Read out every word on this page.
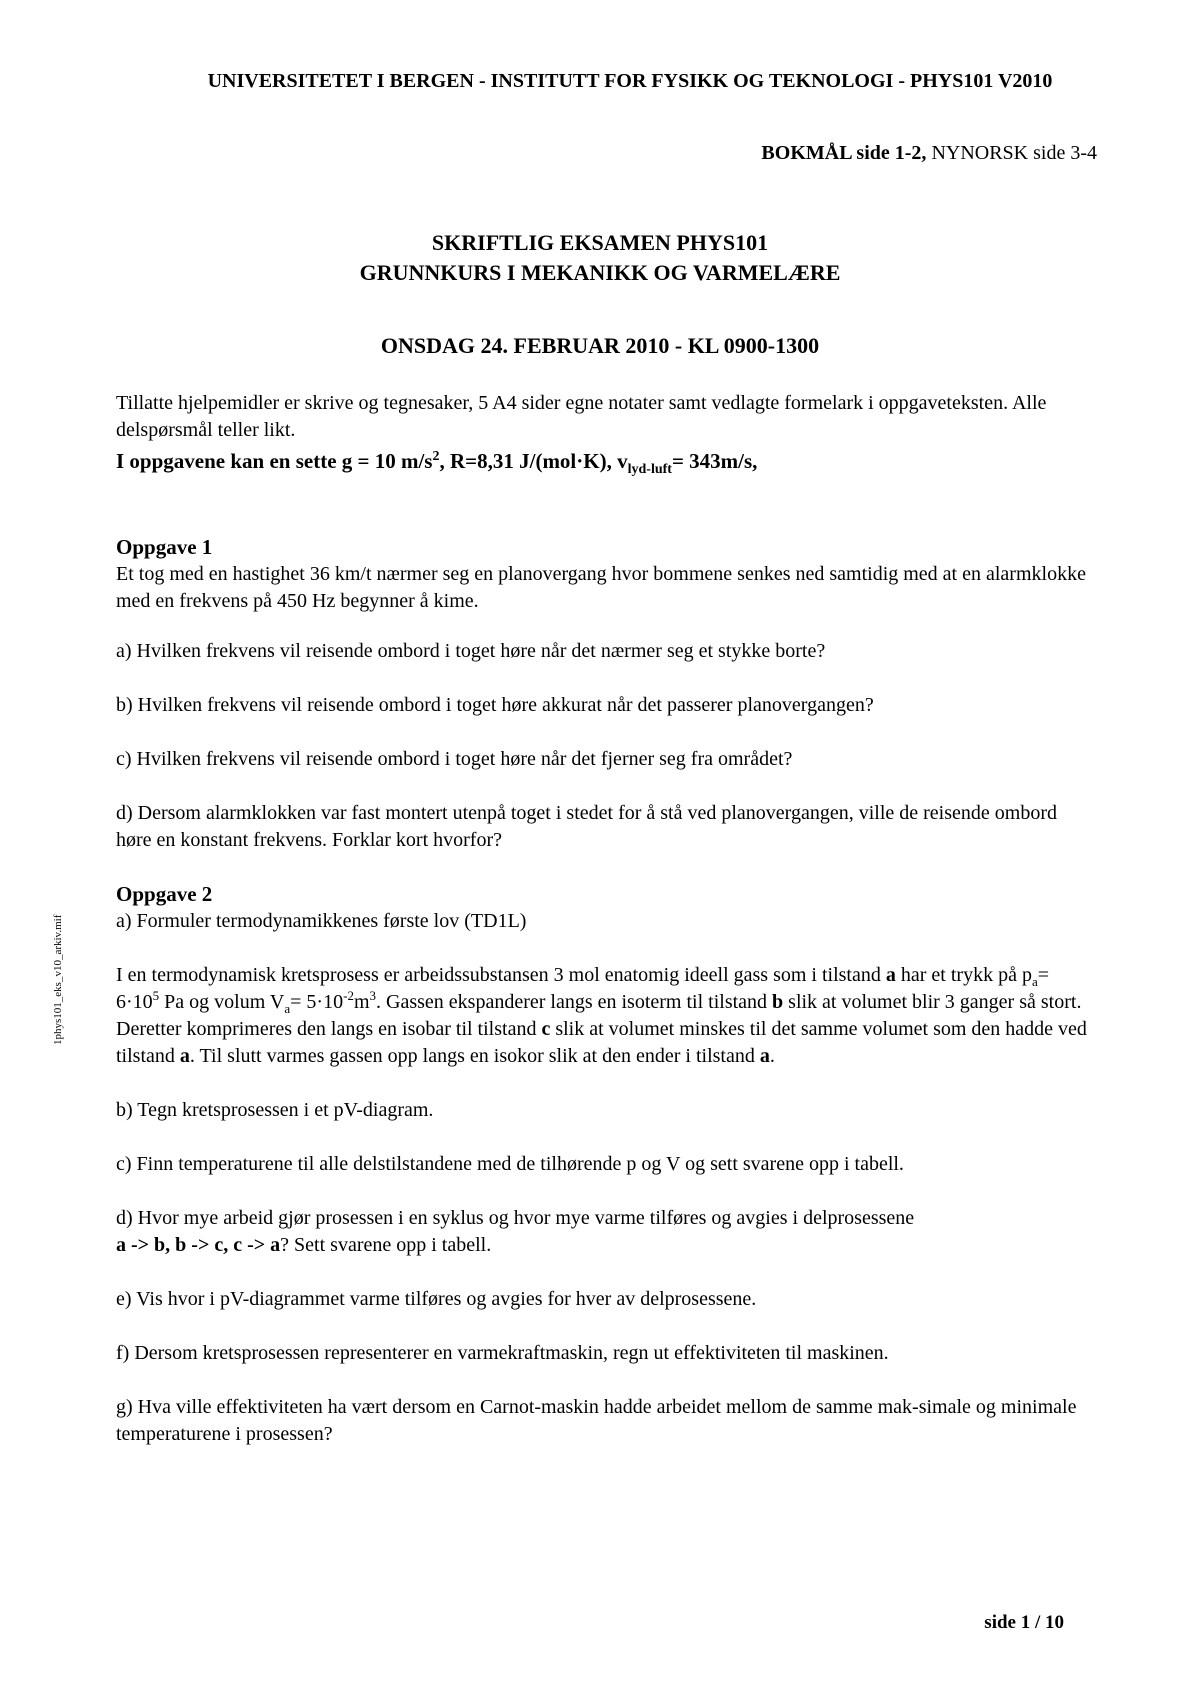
UNIVERSITETET I BERGEN - INSTITUTT FOR FYSIKK OG TEKNOLOGI - PHYS101 V2010
BOKMÅL side 1-2, NYNORSK side 3-4
SKRIFTLIG EKSAMEN PHYS101
GRUNNKURS I MEKANIKK OG VARMELÆRE
ONSDAG 24. FEBRUAR 2010 - KL 0900-1300

Tillatte hjelpemidler er skrive og tegnesaker, 5 A4 sider egne notater samt vedlagte formelark i oppgaveteksten. Alle delspørsmål teller likt.

I oppgavene kan en sette g = 10 $m/s^2$, R=8,31 J/(mol·K), $v_{lyd-luft}= 343m/s$,

Oppgave 1

Et tog med en hastighet 36 km/t nærmer seg en planovergang hvor bommene senkes ned samtidig med at en alarmklokke med en frekvens på 450 Hz begynner å kime.

a) Hvilken frekvens vil reisende ombord i toget høre når det nærmer seg et stykke borte?

b) Hvilken frekvens vil reisende ombord i toget høre akkurat når det passerer planovergangen?

c) Hvilken frekvens vil reisende ombord i toget høre når det fjerner seg fra området?

d) Dersom alarmklokken var fast montert utenpå toget i stedet for å stå ved planovergangen, ville de reisende ombord høre en konstant frekvens. Forklar kort hvorfor?

Oppgave 2

a) Formuler termodynamikkenes første lov (TD1L)

I en termodynamisk kretsprosess er arbeidssubstansen 3 mol enatomig ideell gass som i tilstand a har et trykk på $p_a= 6\cdot 10^5$ Pa og volum $V_a= 5\cdot 10^{-2}m^3$. Gassen ekspanderer langs en isoterm til tilstand b slik at volumet blir 3 ganger så stort. Deretter komprimeres den langs en isobar til tilstand c slik at volumet minskes til det samme volumet som den hadde ved tilstand a. Til slutt varmes gassen opp langs en isokor slik at den ender i tilstand a.

b) Tegn kretsprosessen i et pV-diagram.

c) Finn temperaturene til alle delstilstandene med de tilhørende p og V og sett svarene opp i tabell.

d) Hvor mye arbeid gjør prosessen i en syklus og hvor mye varme tilføres og avgies i delprosessene
a -> b, b -> c, c -> a? Sett svarene opp i tabell.

e) Vis hvor i pV-diagrammet varme tilføres og avgies for hver av delprosessene.

f) Dersom kretsprosessen representerer en varmekraftmaskin, regn ut effektiviteten til maskinen.

g) Hva ville effektiviteten ha vært dersom en Carnot-maskin hadde arbeidet mellom de samme mak-simale og minimale temperaturene i prosessen?

1phys101_eks_v10_arkiv.mif
side 1 / 10
